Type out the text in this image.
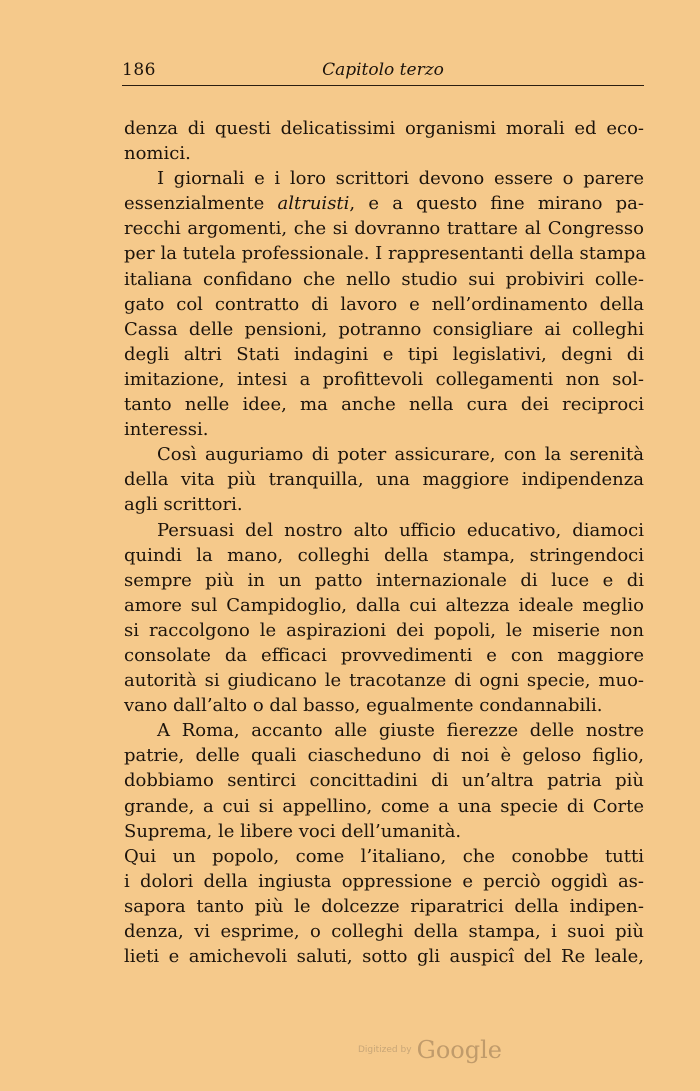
186	Capitolo terzo
denza di questi delicatissimi organismi morali ed eco-
nomici.
I giornali e i loro scrittori devono essere o parere
essenzialmente altruisti, e a questo fine mirano pa-
recchi argomenti, che si dovranno trattare al Congresso
per la tutela professionale. I rappresentanti della stampa
italiana confidano che nello studio sui probiviri colle-
gato col contratto di lavoro e nell’ordinamento della
Cassa delle pensioni, potranno consigliare ai colleghi
degli altri Stati indagini e tipi legislativi, degni di
imitazione, intesi a profittevoli collegamenti non sol-
tanto nelle idee, ma anche nella cura dei reciproci
interessi.
Così auguriamo di poter assicurare, con la serenità
della vita più tranquilla, una maggiore indipendenza
agli scrittori.
Persuasi del nostro alto ufficio educativo, diamoci
quindi la mano, colleghi della stampa, stringendoci
sempre più in un patto internazionale di luce e di
amore sul Campidoglio, dalla cui altezza ideale meglio
si raccolgono le aspirazioni dei popoli, le miserie non
consolate da efficaci provvedimenti e con maggiore
autorità si giudicano le tracotanze di ogni specie, muo-
vano dall’alto o dal basso, egualmente condannabili.
A Roma, accanto alle giuste fierezze delle nostre
patrie, delle quali ciascheduno di noi è geloso figlio,
dobbiamo sentirci concittadini di un’altra patria più
grande, a cui si appellino, come a una specie di Corte
Suprema, le libere voci dell’umanità.
Qui un popolo, come l’italiano, che conobbe tutti
i dolori della ingiusta oppressione e perciò oggidì as-
sapora tanto più le dolcezze riparatrici della indipen-
denza, vi esprime, o colleghi della stampa, i suoi più
lieti e amichevoli saluti, sotto gli auspicî del Re leale,
Digitized by Google
